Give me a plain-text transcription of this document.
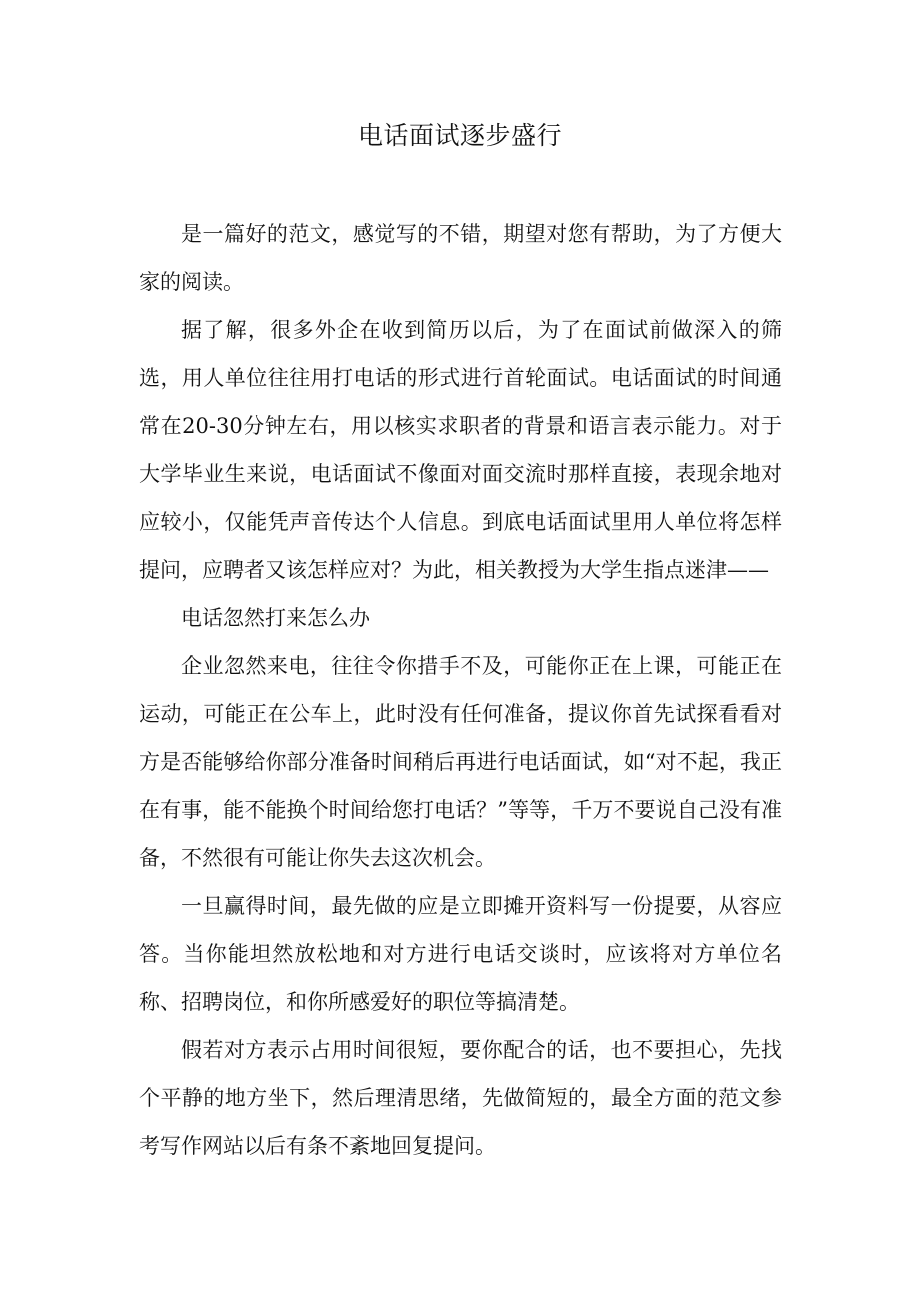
电话面试逐步盛行

是一篇好的范文，感觉写的不错，期望对您有帮助，为了方便大家的阅读。

据了解，很多外企在收到简历以后，为了在面试前做深入的筛选，用人单位往往用打电话的形式进行首轮面试。电话面试的时间通常在20-30分钟左右，用以核实求职者的背景和语言表示能力。对于大学毕业生来说，电话面试不像面对面交流时那样直接，表现余地对应较小，仅能凭声音传达个人信息。到底电话面试里用人单位将怎样提问，应聘者又该怎样应对？为此，相关教授为大学生指点迷津——

电话忽然打来怎么办

企业忽然来电，往往令你措手不及，可能你正在上课，可能正在运动，可能正在公车上，此时没有任何准备，提议你首先试探看看对方是否能够给你部分准备时间稍后再进行电话面试，如“对不起，我正在有事，能不能换个时间给您打电话？”等等，千万不要说自己没有准备，不然很有可能让你失去这次机会。

一旦赢得时间，最先做的应是立即摊开资料写一份提要，从容应答。当你能坦然放松地和对方进行电话交谈时，应该将对方单位名称、招聘岗位，和你所感爱好的职位等搞清楚。

假若对方表示占用时间很短，要你配合的话，也不要担心，先找个平静的地方坐下，然后理清思绪，先做简短的，最全方面的范文参考写作网站以后有条不紊地回复提问。
